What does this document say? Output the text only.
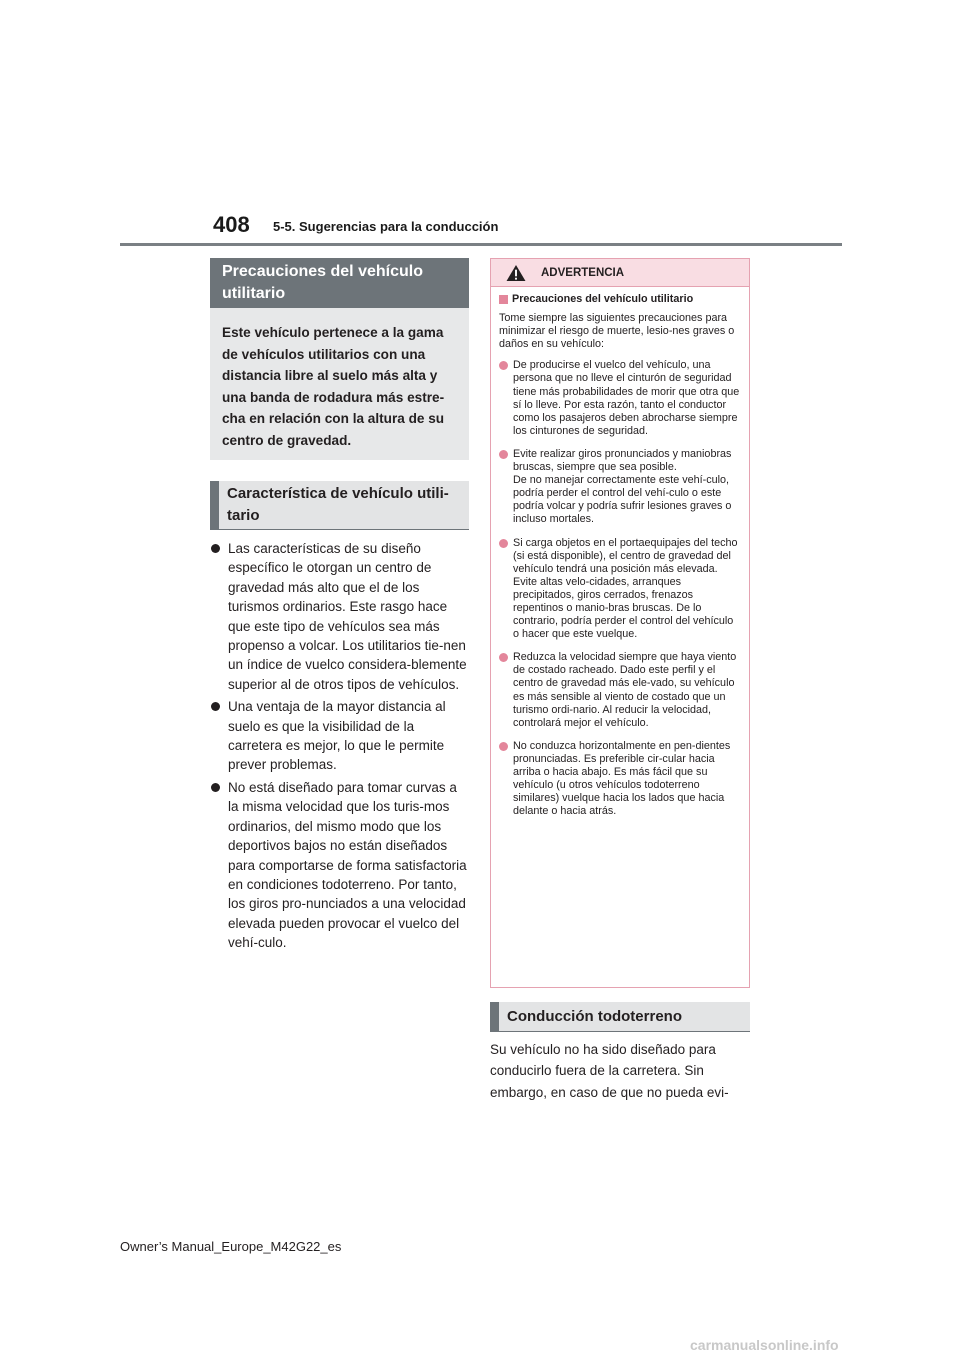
408 5-5. Sugerencias para la conducción
Precauciones del vehículo utilitario

Este vehículo pertenece a la gama de vehículos utilitarios con una distancia libre al suelo más alta y una banda de rodadura más estre-cha en relación con la altura de su centro de gravedad.

Característica de vehículo utili-tario
Las características de su diseño específico le otorgan un centro de gravedad más alto que el de los turismos ordinarios. Este rasgo hace que este tipo de vehículos sea más propenso a volcar. Los utilitarios tie-nen un índice de vuelco considera-blemente superior al de otros tipos de vehículos.
Una ventaja de la mayor distancia al suelo es que la visibilidad de la carretera es mejor, lo que le permite prever problemas.
No está diseñado para tomar curvas a la misma velocidad que los turis-mos ordinarios, del mismo modo que los deportivos bajos no están diseñados para comportarse de forma satisfactoria en condiciones todoterreno. Por tanto, los giros pro-nunciados a una velocidad elevada pueden provocar el vuelco del vehí-culo.
ADVERTENCIA
Precauciones del vehículo utilitario
Tome siempre las siguientes precauciones para minimizar el riesgo de muerte, lesio-nes graves o daños en su vehículo:
De producirse el vuelco del vehículo, una persona que no lleve el cinturón de seguridad tiene más probabilidades de morir que otra que sí lo lleve. Por esta razón, tanto el conductor como los pasajeros deben abrocharse siempre los cinturones de seguridad.
Evite realizar giros pronunciados y maniobras bruscas, siempre que sea posible.
De no manejar correctamente este vehí-culo, podría perder el control del vehí-culo o este podría volcar y podría sufrir lesiones graves o incluso mortales.
Si carga objetos en el portaequipajes del techo (si está disponible), el centro de gravedad del vehículo tendrá una posición más elevada. Evite altas velo-cidades, arranques precipitados, giros cerrados, frenazos repentinos o manio-bras bruscas. De lo contrario, podría perder el control del vehículo o hacer que este vuelque.
Reduzca la velocidad siempre que haya viento de costado racheado. Dado este perfil y el centro de gravedad más ele-vado, su vehículo es más sensible al viento de costado que un turismo ordi-nario. Al reducir la velocidad, controlará mejor el vehículo.
No conduzca horizontalmente en pen-dientes pronunciadas. Es preferible cir-cular hacia arriba o hacia abajo. Es más fácil que su vehículo (u otros vehículos todoterreno similares) vuelque hacia los lados que hacia delante o hacia atrás.
Conducción todoterreno
Su vehículo no ha sido diseñado para
conducirlo fuera de la carretera. Sin
embargo, en caso de que no pueda evi-
Owner’s Manual_Europe_M42G22_es
carmanualsonline.info
